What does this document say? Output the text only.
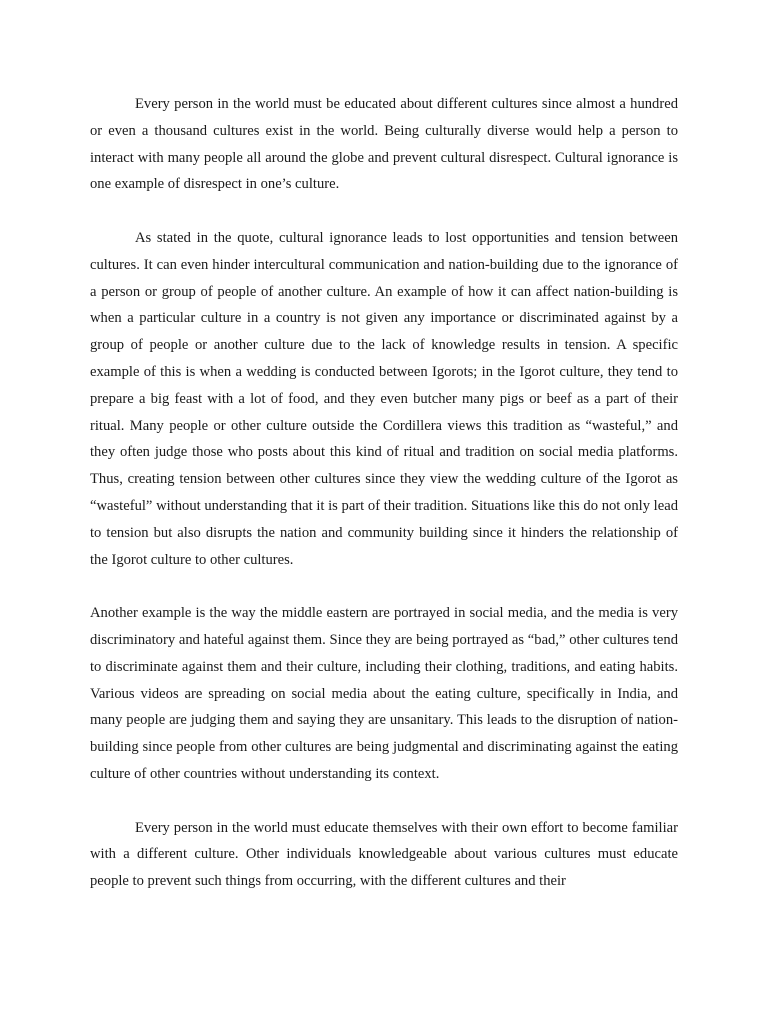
Every person in the world must be educated about different cultures since almost a hundred or even a thousand cultures exist in the world. Being culturally diverse would help a person to interact with many people all around the globe and prevent cultural disrespect. Cultural ignorance is one example of disrespect in one’s culture.

As stated in the quote, cultural ignorance leads to lost opportunities and tension between cultures. It can even hinder intercultural communication and nation-building due to the ignorance of a person or group of people of another culture. An example of how it can affect nation-building is when a particular culture in a country is not given any importance or discriminated against by a group of people or another culture due to the lack of knowledge results in tension. A specific example of this is when a wedding is conducted between Igorots; in the Igorot culture, they tend to prepare a big feast with a lot of food, and they even butcher many pigs or beef as a part of their ritual. Many people or other culture outside the Cordillera views this tradition as “wasteful,” and they often judge those who posts about this kind of ritual and tradition on social media platforms. Thus, creating tension between other cultures since they view the wedding culture of the Igorot as “wasteful” without understanding that it is part of their tradition. Situations like this do not only lead to tension but also disrupts the nation and community building since it hinders the relationship of the Igorot culture to other cultures.

Another example is the way the middle eastern are portrayed in social media, and the media is very discriminatory and hateful against them. Since they are being portrayed as “bad,” other cultures tend to discriminate against them and their culture, including their clothing, traditions, and eating habits. Various videos are spreading on social media about the eating culture, specifically in India, and many people are judging them and saying they are unsanitary. This leads to the disruption of nation-building since people from other cultures are being judgmental and discriminating against the eating culture of other countries without understanding its context.

Every person in the world must educate themselves with their own effort to become familiar with a different culture. Other individuals knowledgeable about various cultures must educate people to prevent such things from occurring, with the different cultures and their
